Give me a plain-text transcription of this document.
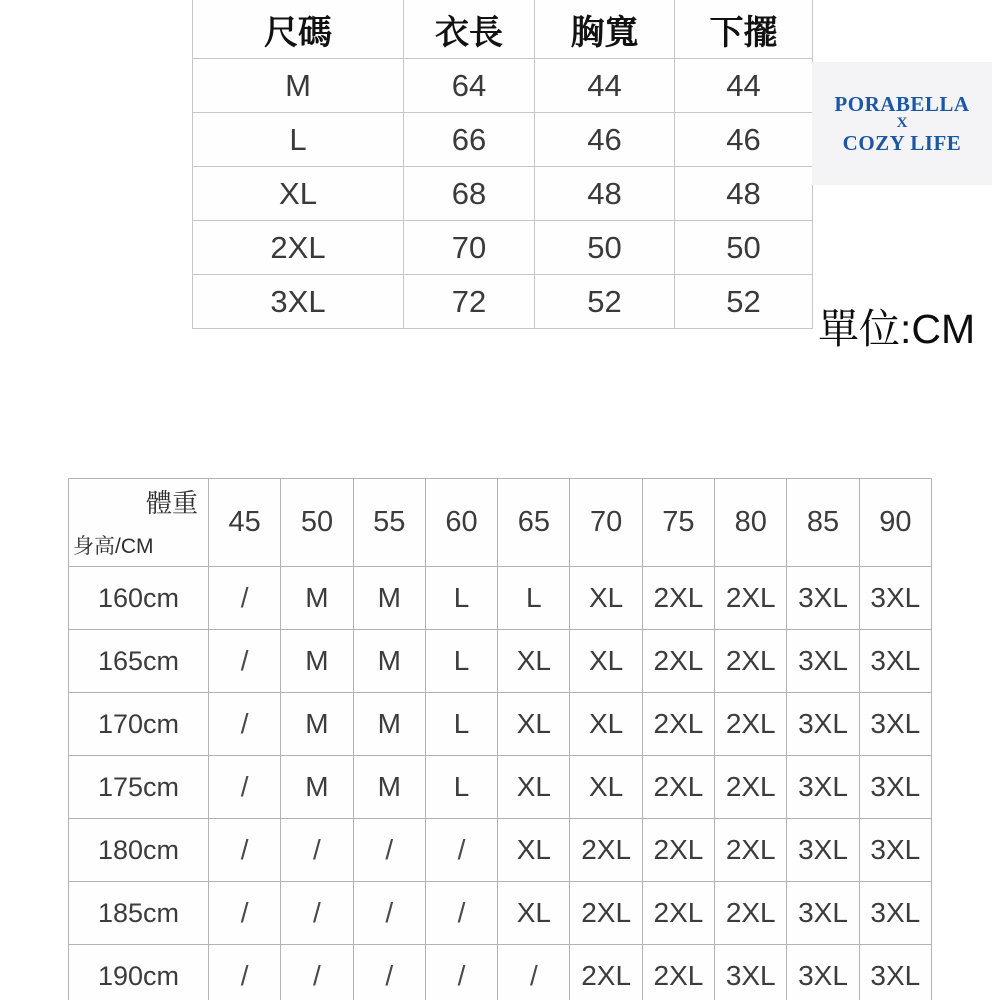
尺碼	衣長	胸寬	下擺
M	64	44	44
L	66	46	46
XL	68	48	48
2XL	70	50	50
3XL	72	52	52
PORABELLA
X
COZY LIFE
單位:CM
體重
身高/CM	45	50	55	60	65	70	75	80	85	90
160cm	/	M	M	L	L	XL	2XL	2XL	3XL	3XL
165cm	/	M	M	L	XL	XL	2XL	2XL	3XL	3XL
170cm	/	M	M	L	XL	XL	2XL	2XL	3XL	3XL
175cm	/	M	M	L	XL	XL	2XL	2XL	3XL	3XL
180cm	/	/	/	/	XL	2XL	2XL	2XL	3XL	3XL
185cm	/	/	/	/	XL	2XL	2XL	2XL	3XL	3XL
190cm	/	/	/	/	/	2XL	2XL	3XL	3XL	3XL
